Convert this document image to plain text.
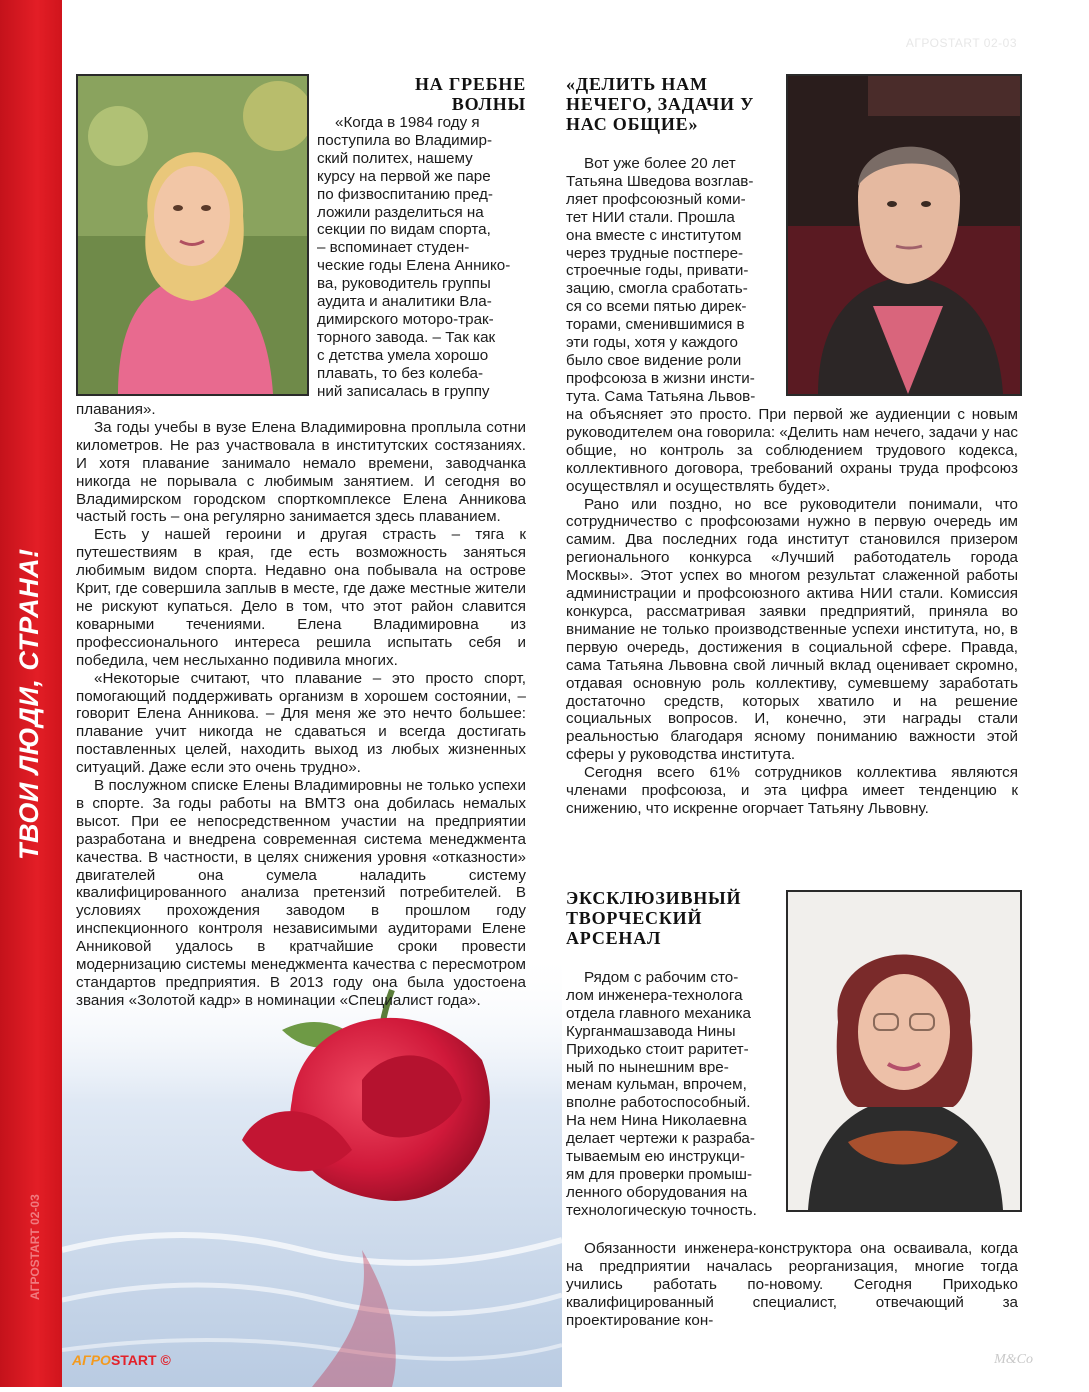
АГРОSTART 02-03
АГРОSTART 02-03
НА ГРЕБНЕ ВОЛНЫ
«Когда в 1984 году я
поступила во Владимир-
ский политех, нашему
курсу на первой же паре
по физвоспитанию пред-
ложили разделиться на
секции по видам спорта,
– вспоминает студен-
ческие годы Елена Аннико-
ва, руководитель группы
аудита и аналитики Вла-
димирского моторо-трак-
торного завода. – Так как
с детства умела хорошо
плавать, то без колеба-
ний записалась в группу

плавания».

За годы учебы в вузе Елена Владимировна проплыла сотни километров. Не раз участвовала в институтских состязаниях. И хотя плавание занимало немало времени, заводчанка никогда не порывала с любимым занятием. И сегодня во Владимирском городском спорткомплексе Елена Анникова частый гость – она регулярно занимается здесь плаванием.

Есть у нашей героини и другая страсть – тяга к путешествиям в края, где есть возможность заняться любимым видом спорта. Недавно она побывала на острове Крит, где совершила заплыв в месте, где даже местные жители не рискуют купаться. Дело в том, что этот район славится коварными течениями. Елена Владимировна из профессионального интереса решила испытать себя и победила, чем неслыханно подивила многих.

«Некоторые считают, что плавание – это просто спорт, помогающий поддерживать организм в хорошем состоянии, – говорит Елена Анникова. – Для меня же это нечто большее: плавание учит никогда не сдаваться и всегда достигать поставленных целей, находить выход из любых жизненных ситуаций. Даже если это очень трудно».

В послужном списке Елены Владимировны не только успехи в спорте. За годы работы на ВМТЗ она добилась немалых высот. При ее непосредственном участии на предприятии разработана и внедрена современная система менеджмента качества. В частности, в целях снижения уровня «отказности» двигателей она сумела наладить систему квалифицированного анализа претензий потребителей. В условиях прохождения заводом в прошлом году инспекционного контроля независимыми аудиторами Елене Анниковой удалось в кратчайшие сроки провести модернизацию системы менеджмента качества с пересмотром стандартов предприятия. В 2013 году она была удостоена звания «Золотой кадр» в номинации «Специалист года».

«ДЕЛИТЬ НАМ
НЕЧЕГО, ЗАДАЧИ У
НАС ОБЩИЕ»
Вот уже более 20 лет
Татьяна Шведова возглав-
ляет профсоюзный коми-
тет НИИ стали. Прошла
она вместе с институтом
через трудные постпере-
строечные годы, привати-
зацию, смогла сработать-
ся со всеми пятью дирек-
торами, сменившимися в
эти годы, хотя у каждого
было свое видение роли
профсоюза в жизни инсти-
тута. Сама Татьяна Львов-

на объясняет это просто. При первой же аудиенции с новым руководителем она говорила: «Делить нам нечего, задачи у нас общие, но контроль за соблюдением трудового кодекса, коллективного договора, требований охраны труда профсоюз осуществлял и осуществлять будет».

Рано или поздно, но все руководители понимали, что сотрудничество с профсоюзами нужно в первую очередь им самим. Два последних года институт становился призером регионального конкурса «Лучший работодатель города Москвы». Этот успех во многом результат слаженной работы администрации и профсоюзного актива НИИ стали. Комиссия конкурса, рассматривая заявки предприятий, приняла во внимание не только производственные успехи института, но, в первую очередь, достижения в социальной сфере. Правда, сама Татьяна Львовна свой личный вклад оценивает скромно, отдавая основную роль коллективу, сумевшему заработать достаточно средств, которых хватило и на решение социальных вопросов. И, конечно, эти награды стали реальностью благодаря ясному пониманию важности этой сферы у руководства института.

Сегодня всего 61% сотрудников коллектива являются членами профсоюза, и эта цифра имеет тенденцию к снижению, что искренне огорчает Татьяну Львовну.

ЭКСКЛЮЗИВНЫЙ
ТВОРЧЕСКИЙ
АРСЕНАЛ
Рядом с рабочим сто-
лом инженера-технолога
отдела главного механика
Курганмашзавода Нины
Приходько стоит раритет-
ный по нынешним вре-
менам кульман, впрочем,
вполне работоспособный.
На нем Нина Николаевна
делает чертежи к разраба-
тываемым ею инструкци-
ям для проверки промыш-
ленного оборудования на
технологическую точность.

Обязанности инженера-конструктора она осваивала, когда на предприятии началась реорганизация, многие тогда учились работать по-новому. Сегодня Приходько квалифицированный специалист, отвечающий за проектирование кон-

АГРОSTART ©	M&Co
